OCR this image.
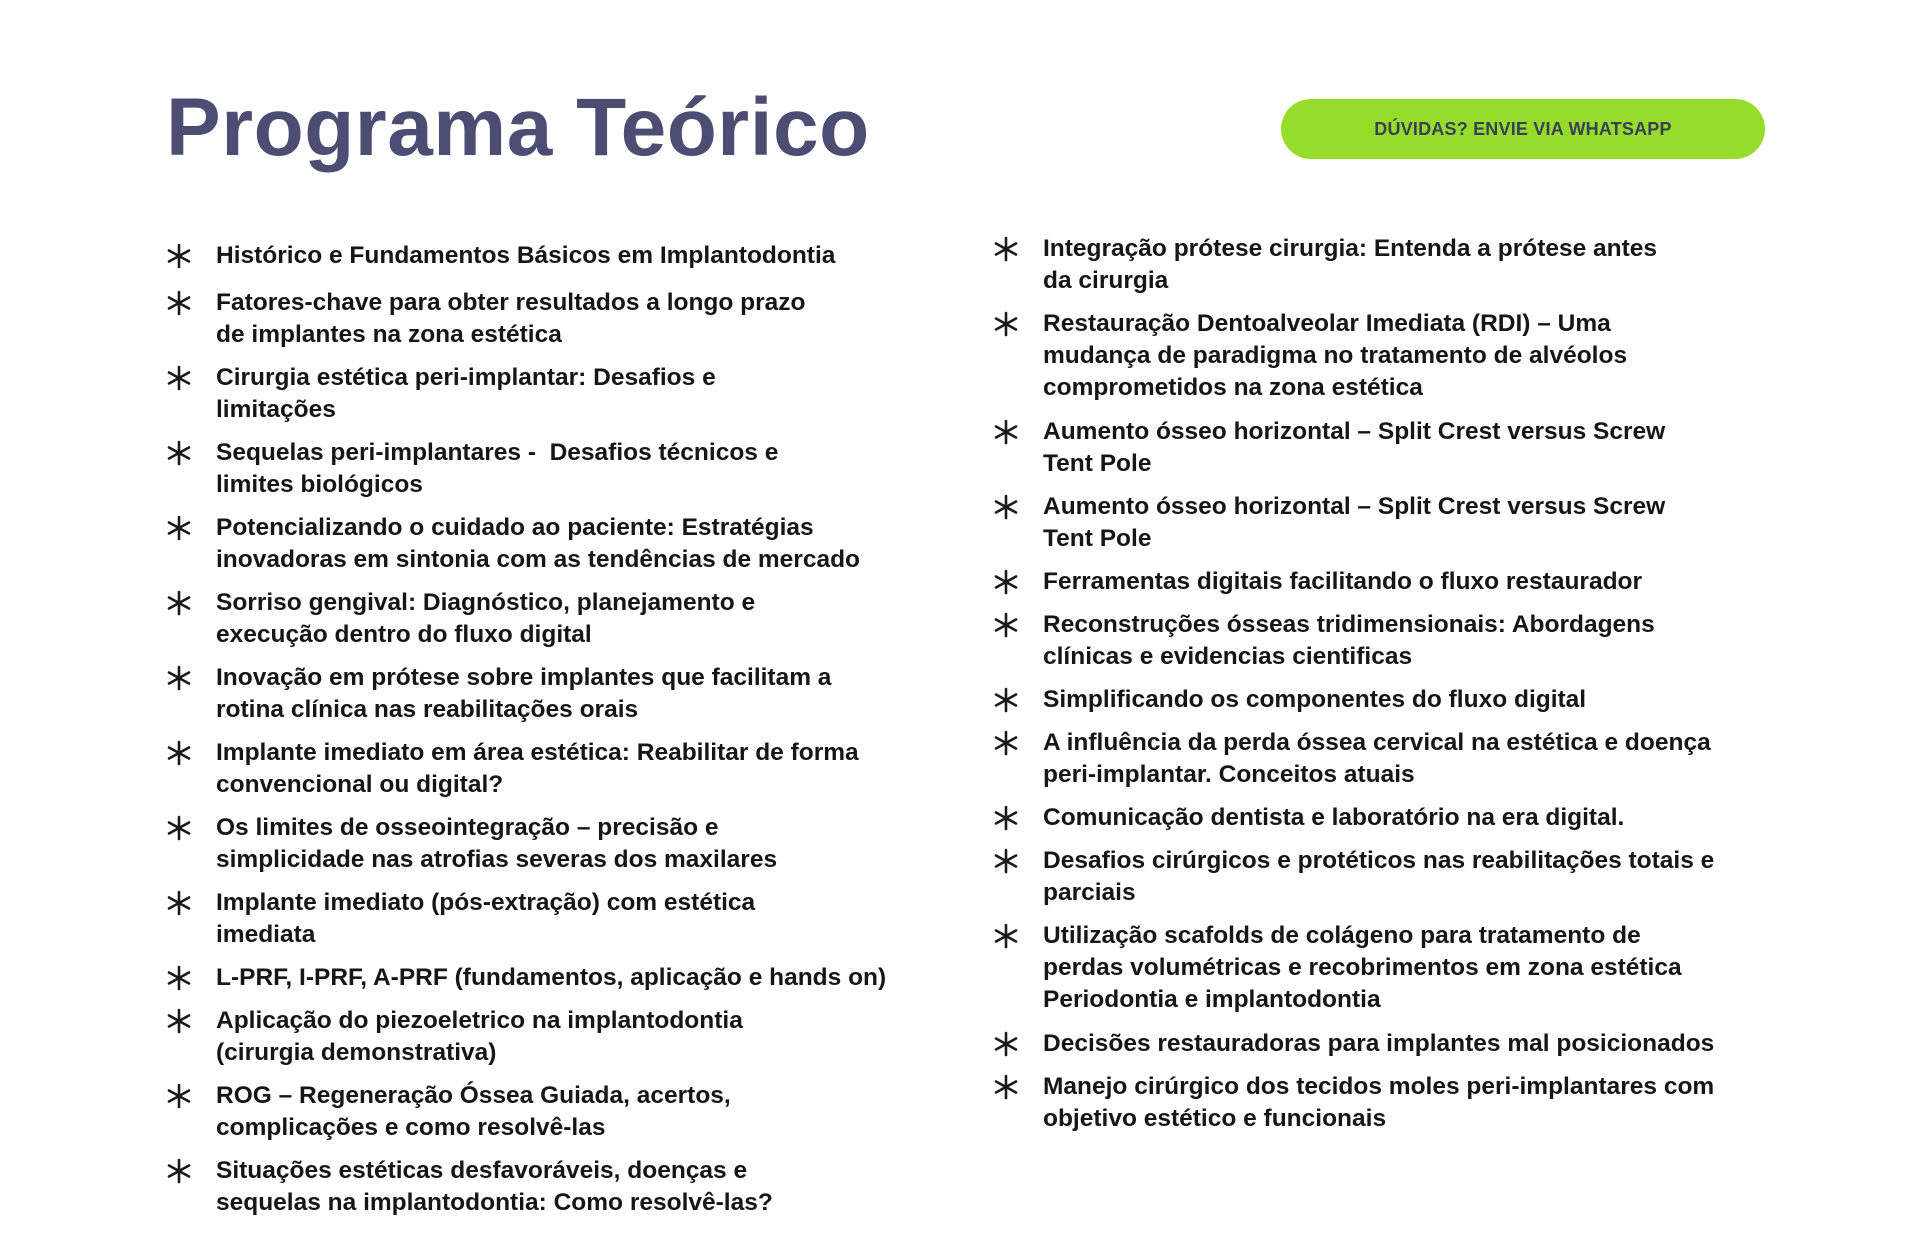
Programa Teórico	DÚVIDAS? ENVIE VIA WHATSAPP
Histórico e Fundamentos Básicos em Implantodontia
Fatores-chave para obter resultados a longo prazo
de implantes na zona estética
Cirurgia estética peri-implantar: Desafios e
limitações
Sequelas peri-implantares -  Desafios técnicos e
limites biológicos
Potencializando o cuidado ao paciente: Estratégias
inovadoras em sintonia com as tendências de mercado
Sorriso gengival: Diagnóstico, planejamento e
execução dentro do fluxo digital
Inovação em prótese sobre implantes que facilitam a
rotina clínica nas reabilitações orais
Implante imediato em área estética: Reabilitar de forma
convencional ou digital?
Os limites de osseointegração – precisão e
simplicidade nas atrofias severas dos maxilares
Implante imediato (pós-extração) com estética
imediata
L-PRF, I-PRF, A-PRF (fundamentos, aplicação e hands on)
Aplicação do piezoeletrico na implantodontia
(cirurgia demonstrativa)
ROG – Regeneração Óssea Guiada, acertos,
complicações e como resolvê-las
Situações estéticas desfavoráveis, doenças e
sequelas na implantodontia: Como resolvê-las?
Integração prótese cirurgia: Entenda a prótese antes
da cirurgia
Restauração Dentoalveolar Imediata (RDI) – Uma
mudança de paradigma no tratamento de alvéolos
comprometidos na zona estética
Aumento ósseo horizontal – Split Crest versus Screw
Tent Pole
Aumento ósseo horizontal – Split Crest versus Screw
Tent Pole
Ferramentas digitais facilitando o fluxo restaurador
Reconstruções ósseas tridimensionais: Abordagens
clínicas e evidencias cientificas
Simplificando os componentes do fluxo digital
A influência da perda óssea cervical na estética e doença
peri-implantar. Conceitos atuais
Comunicação dentista e laboratório na era digital.
Desafios cirúrgicos e protéticos nas reabilitações totais e
parciais
Utilização scafolds de colágeno para tratamento de
perdas volumétricas e recobrimentos em zona estética
Periodontia e implantodontia
Decisões restauradoras para implantes mal posicionados
Manejo cirúrgico dos tecidos moles peri-implantares com
objetivo estético e funcionais
